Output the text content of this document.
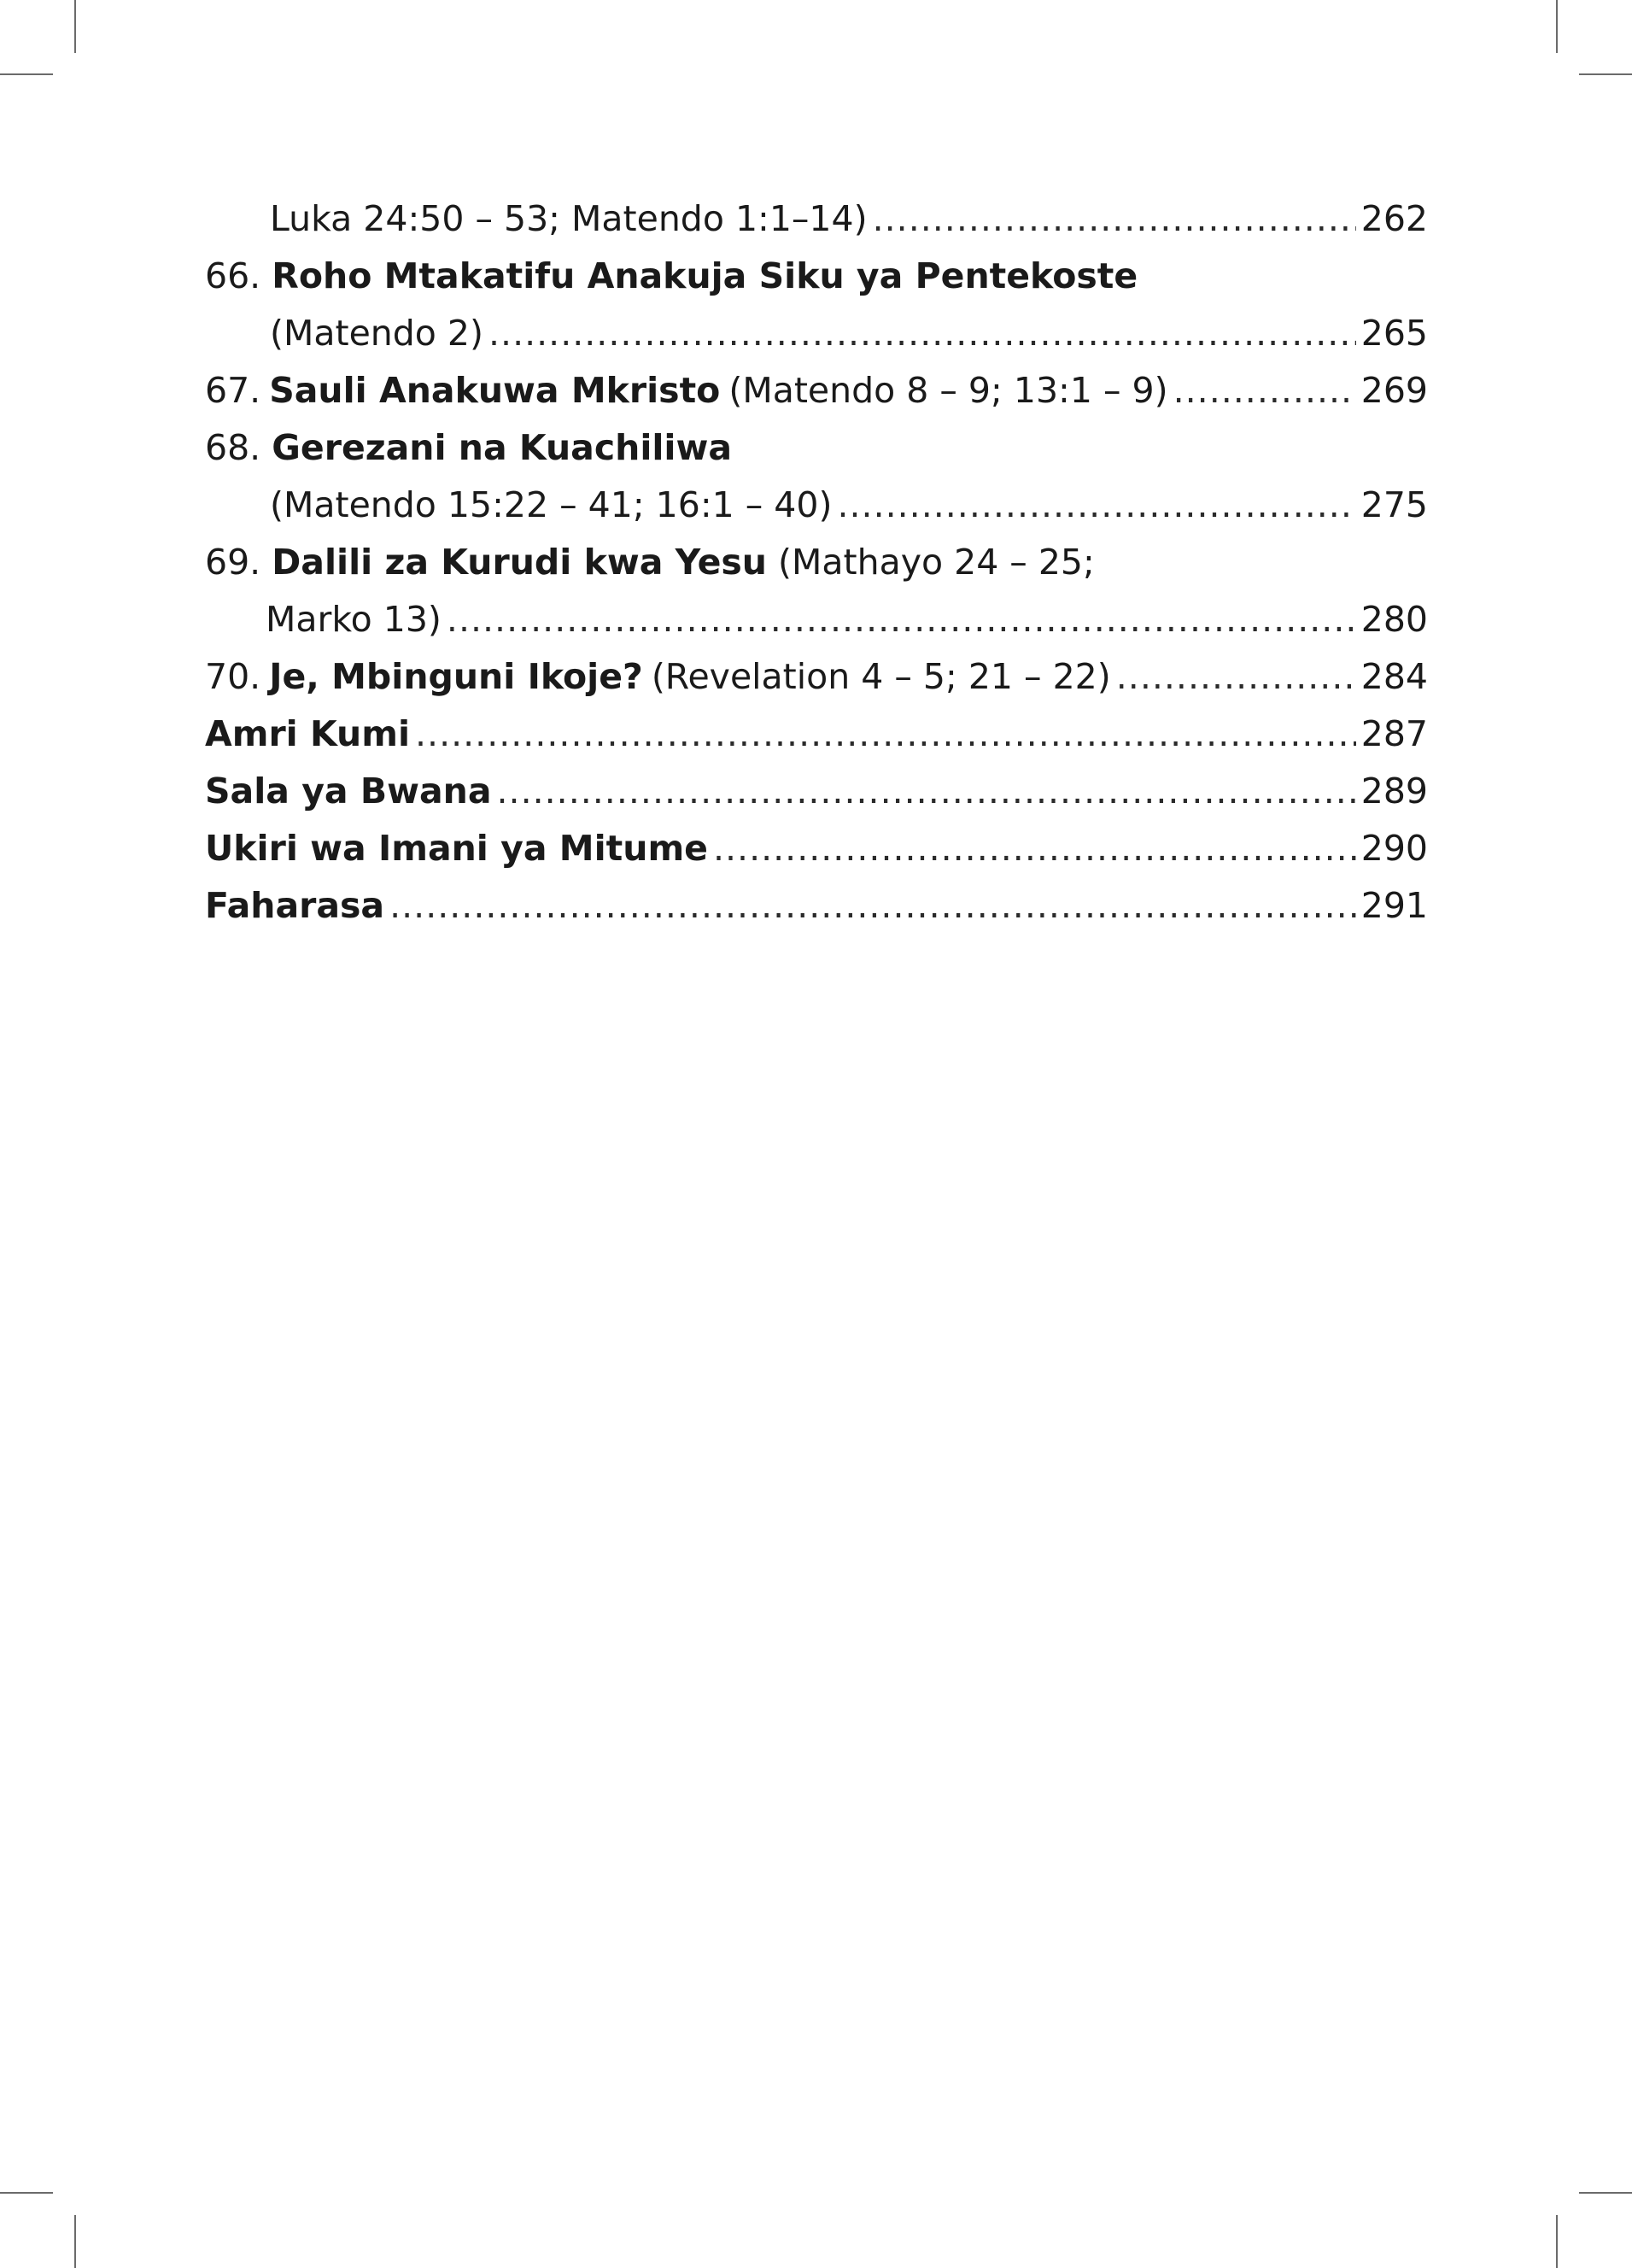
Luka 24:50 – 53; Matendo 1:1–14) .....	262
66. Roho Mtakatifu Anakuja Siku ya Pentekoste
(Matendo 2) .....	265
67. Sauli Anakuwa Mkristo (Matendo 8 – 9; 13:1 – 9) .....	269
68. Gerezani na Kuachiliwa
(Matendo 15:22 – 41; 16:1 – 40) .....	275
69. Dalili za Kurudi kwa Yesu (Mathayo 24 – 25;
Marko 13) .....	280
70. Je, Mbinguni Ikoje? (Revelation 4 – 5; 21 – 22) .....	284
Amri Kumi .....	287
Sala ya Bwana .....	289
Ukiri wa Imani ya Mitume .....	290
Faharasa .....	291
